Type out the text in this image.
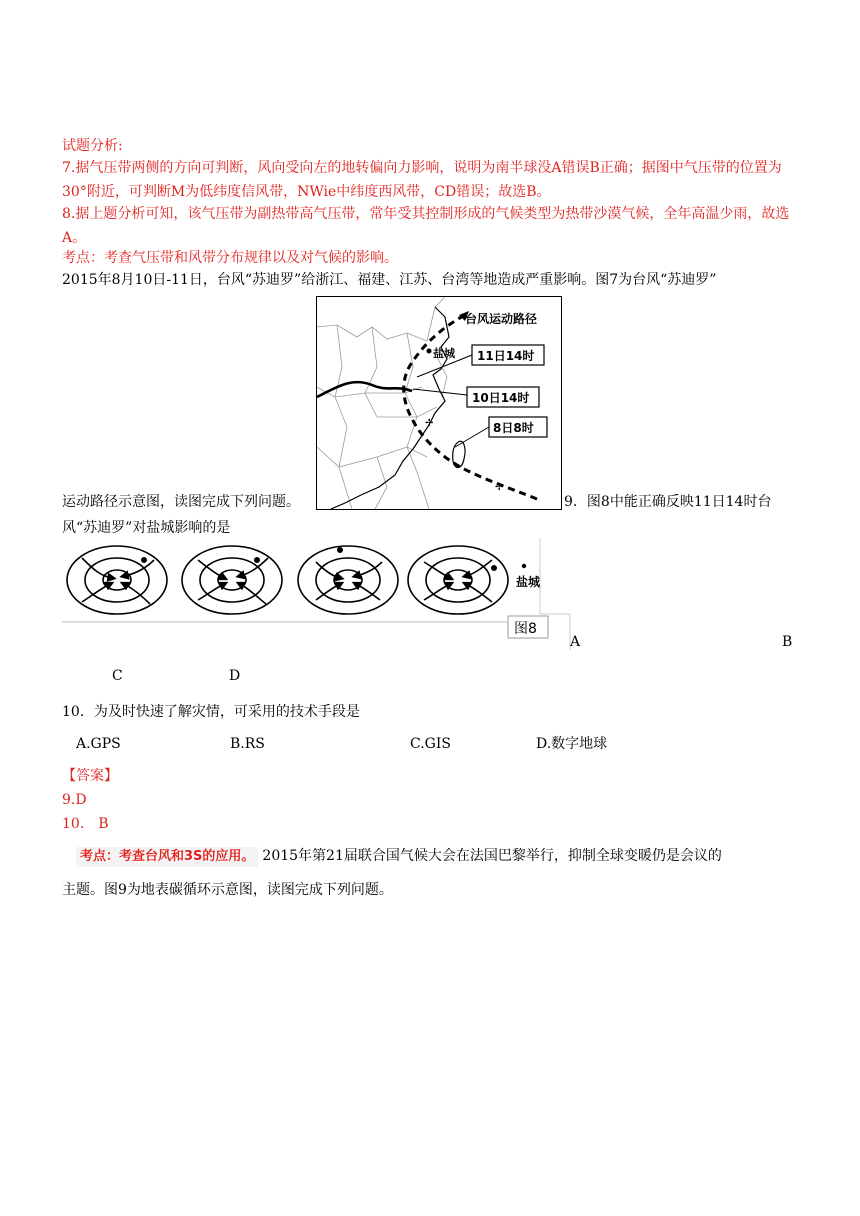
试题分析:
7.据气压带两侧的方向可判断，风向受向左的地转偏向力影响，说明为南半球没A错误B正确；据图中气压带的位置为30°附近，可判断M为低纬度信风带，NWie中纬度西风带，CD错误；故选B。
8.据上题分析可知，该气压带为副热带高气压带，常年受其控制形成的气候类型为热带沙漠气候，全年高温少雨，故选A。
考点：考查气压带和风带分布规律以及对气候的影响。
2015年8月10日-11日，台风“苏迪罗”给浙江、福建、江苏、台湾等地造成严重影响。图7为台风“苏迪罗”
✢
✢
台风运动路径
盐城 11日14时
10日14时
8日8时
运动路径示意图，读图完成下列问题。	9．图8中能正确反映11日14时台
风“苏迪罗”对盐城影响的是
盐城
图8
A	B
C	D
10．为及时快速了解灾情，可采用的技术手段是
A.GPS	B.RS	C.GIS	D.数字地球
【答案】
9.D
10.　B
考点：考查台风和3S的应用。 2015年第21届联合国气候大会在法国巴黎举行，抑制全球变暖仍是会议的
主题。图9为地表碳循环示意图，读图完成下列问题。
